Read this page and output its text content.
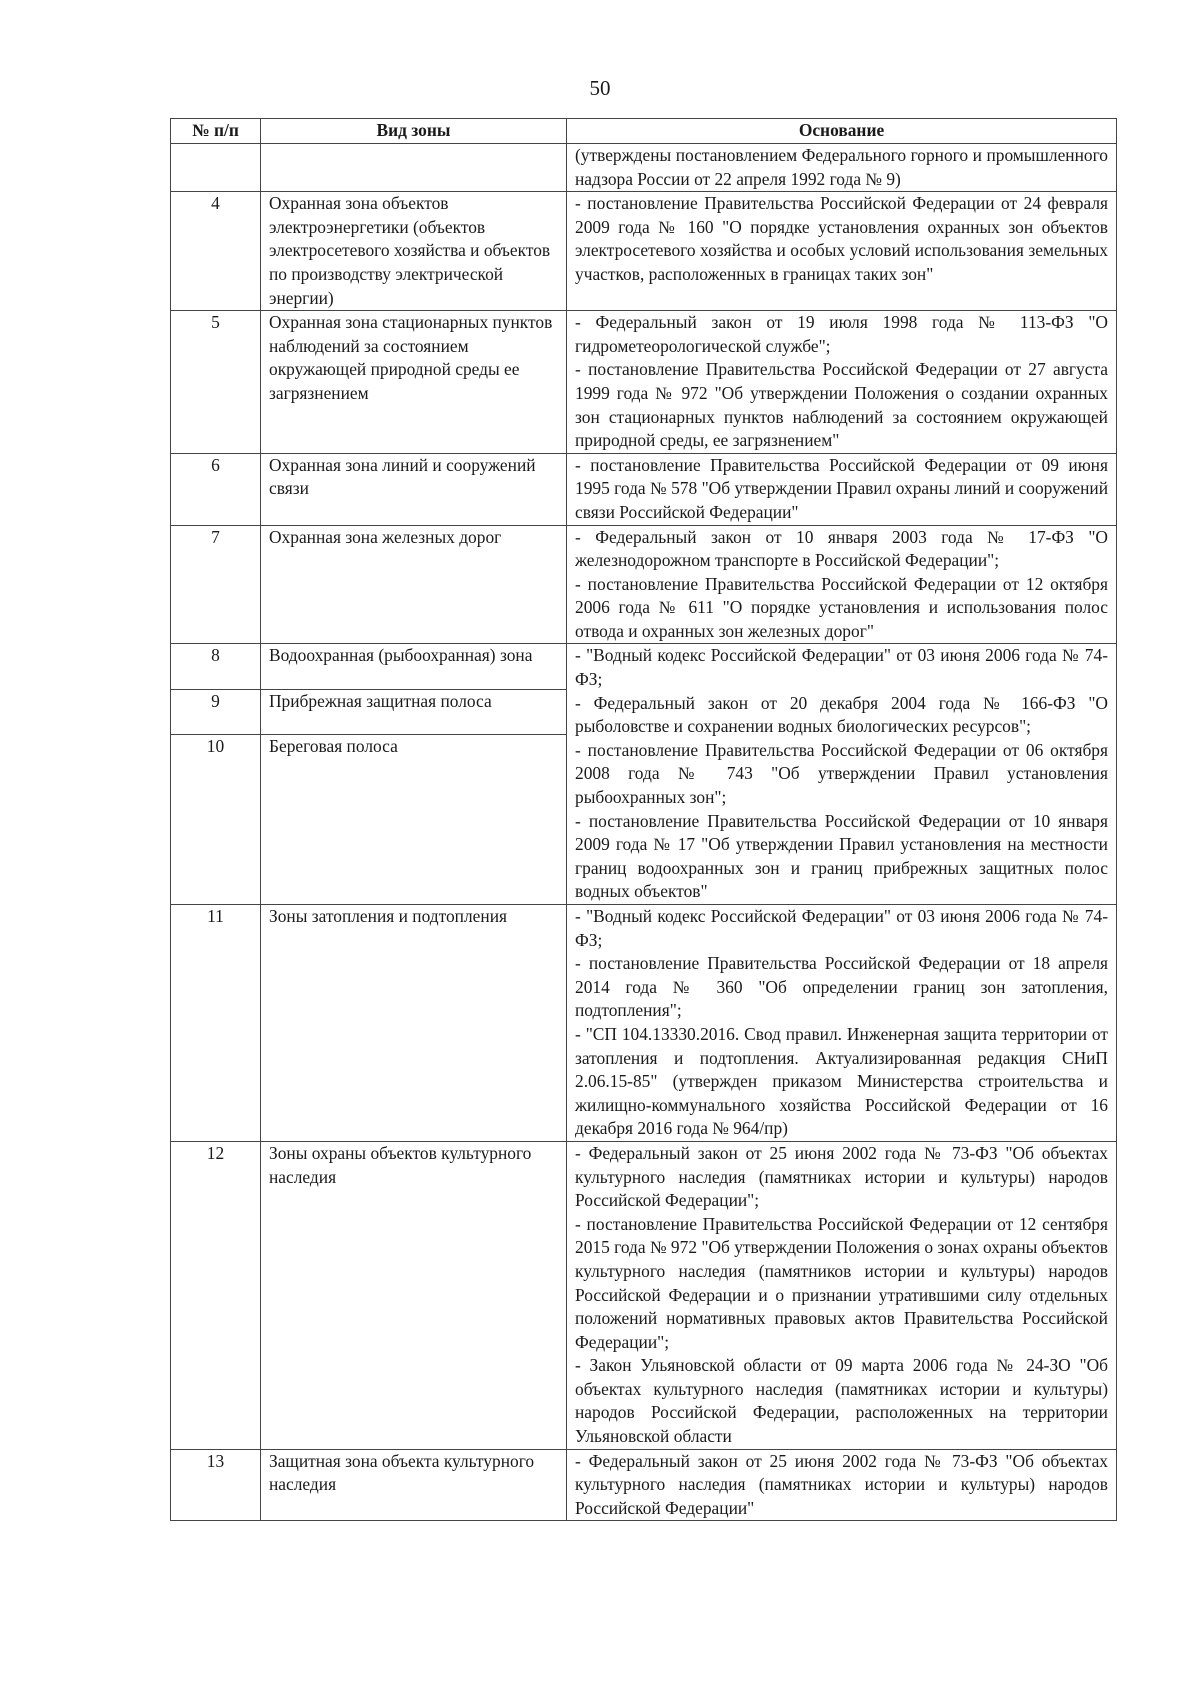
50
№ п/п	Вид зоны	Основание

		(утверждены постановлением Федерального горного и промышленного надзора России от 22 апреля 1992 года № 9)

4	Охранная зона объектов электроэнергетики (объектов электросетевого хозяйства и объектов по производству электрической энергии)	- постановление Правительства Российской Федерации от 24 февраля 2009 года № 160 "О порядке установления охранных зон объектов электросетевого хозяйства и особых условий использования земельных участков, расположенных в границах таких зон"

5	Охранная зона стационарных пунктов наблюдений за состоянием окружающей природной среды ее загрязнением	- Федеральный закон от 19 июля 1998 года № 113-ФЗ "О гидрометеорологической службе";

- постановление Правительства Российской Федерации от 27 августа 1999 года № 972 "Об утверждении Положения о создании охранных зон стационарных пунктов наблюдений за состоянием окружающей природной среды, ее загрязнением"

6	Охранная зона линий и сооружений связи	- постановление Правительства Российской Федерации от 09 июня 1995 года № 578 "Об утверждении Правил охраны линий и сооружений связи Российской Федерации"

7	Охранная зона железных дорог	- Федеральный закон от 10 января 2003 года № 17-ФЗ "О железнодорожном транспорте в Российской Федерации";

- постановление Правительства Российской Федерации от 12 октября 2006 года № 611 "О порядке установления и использования полос отвода и охранных зон железных дорог"

8	Водоохранная (рыбоохранная) зона	- "Водный кодекс Российской Федерации" от 03 июня 2006 года № 74-ФЗ;

- Федеральный закон от 20 декабря 2004 года № 166-ФЗ "О рыболовстве и сохранении водных биологических ресурсов";

- постановление Правительства Российской Федерации от 06 октября 2008 года № 743 "Об утверждении Правил установления рыбоохранных зон";

- постановление Правительства Российской Федерации от 10 января 2009 года № 17 "Об утверждении Правил установления на местности границ водоохранных зон и границ прибрежных защитных полос водных объектов"

9	Прибрежная защитная полоса	
10	Береговая полоса	
11	Зоны затопления и подтопления	- "Водный кодекс Российской Федерации" от 03 июня 2006 года № 74-ФЗ;

- постановление Правительства Российской Федерации от 18 апреля 2014 года № 360 "Об определении границ зон затопления, подтопления";

- "СП 104.13330.2016. Свод правил. Инженерная защита территории от затопления и подтопления. Актуализированная редакция СНиП 2.06.15-85" (утвержден приказом Министерства строительства и жилищно-коммунального хозяйства Российской Федерации от 16 декабря 2016 года № 964/пр)

12	Зоны охраны объектов культурного наследия	- Федеральный закон от 25 июня 2002 года № 73-ФЗ "Об объектах культурного наследия (памятниках истории и культуры) народов Российской Федерации";

- постановление Правительства Российской Федерации от 12 сентября 2015 года № 972 "Об утверждении Положения о зонах охраны объектов культурного наследия (памятников истории и культуры) народов Российской Федерации и о признании утратившими силу отдельных положений нормативных правовых актов Правительства Российской Федерации";

- Закон Ульяновской области от 09 марта 2006 года № 24-ЗО "Об объектах культурного наследия (памятниках истории и культуры) народов Российской Федерации, расположенных на территории Ульяновской области

13	Защитная зона объекта культурного наследия	- Федеральный закон от 25 июня 2002 года № 73-ФЗ "Об объектах культурного наследия (памятниках истории и культуры) народов Российской Федерации"
